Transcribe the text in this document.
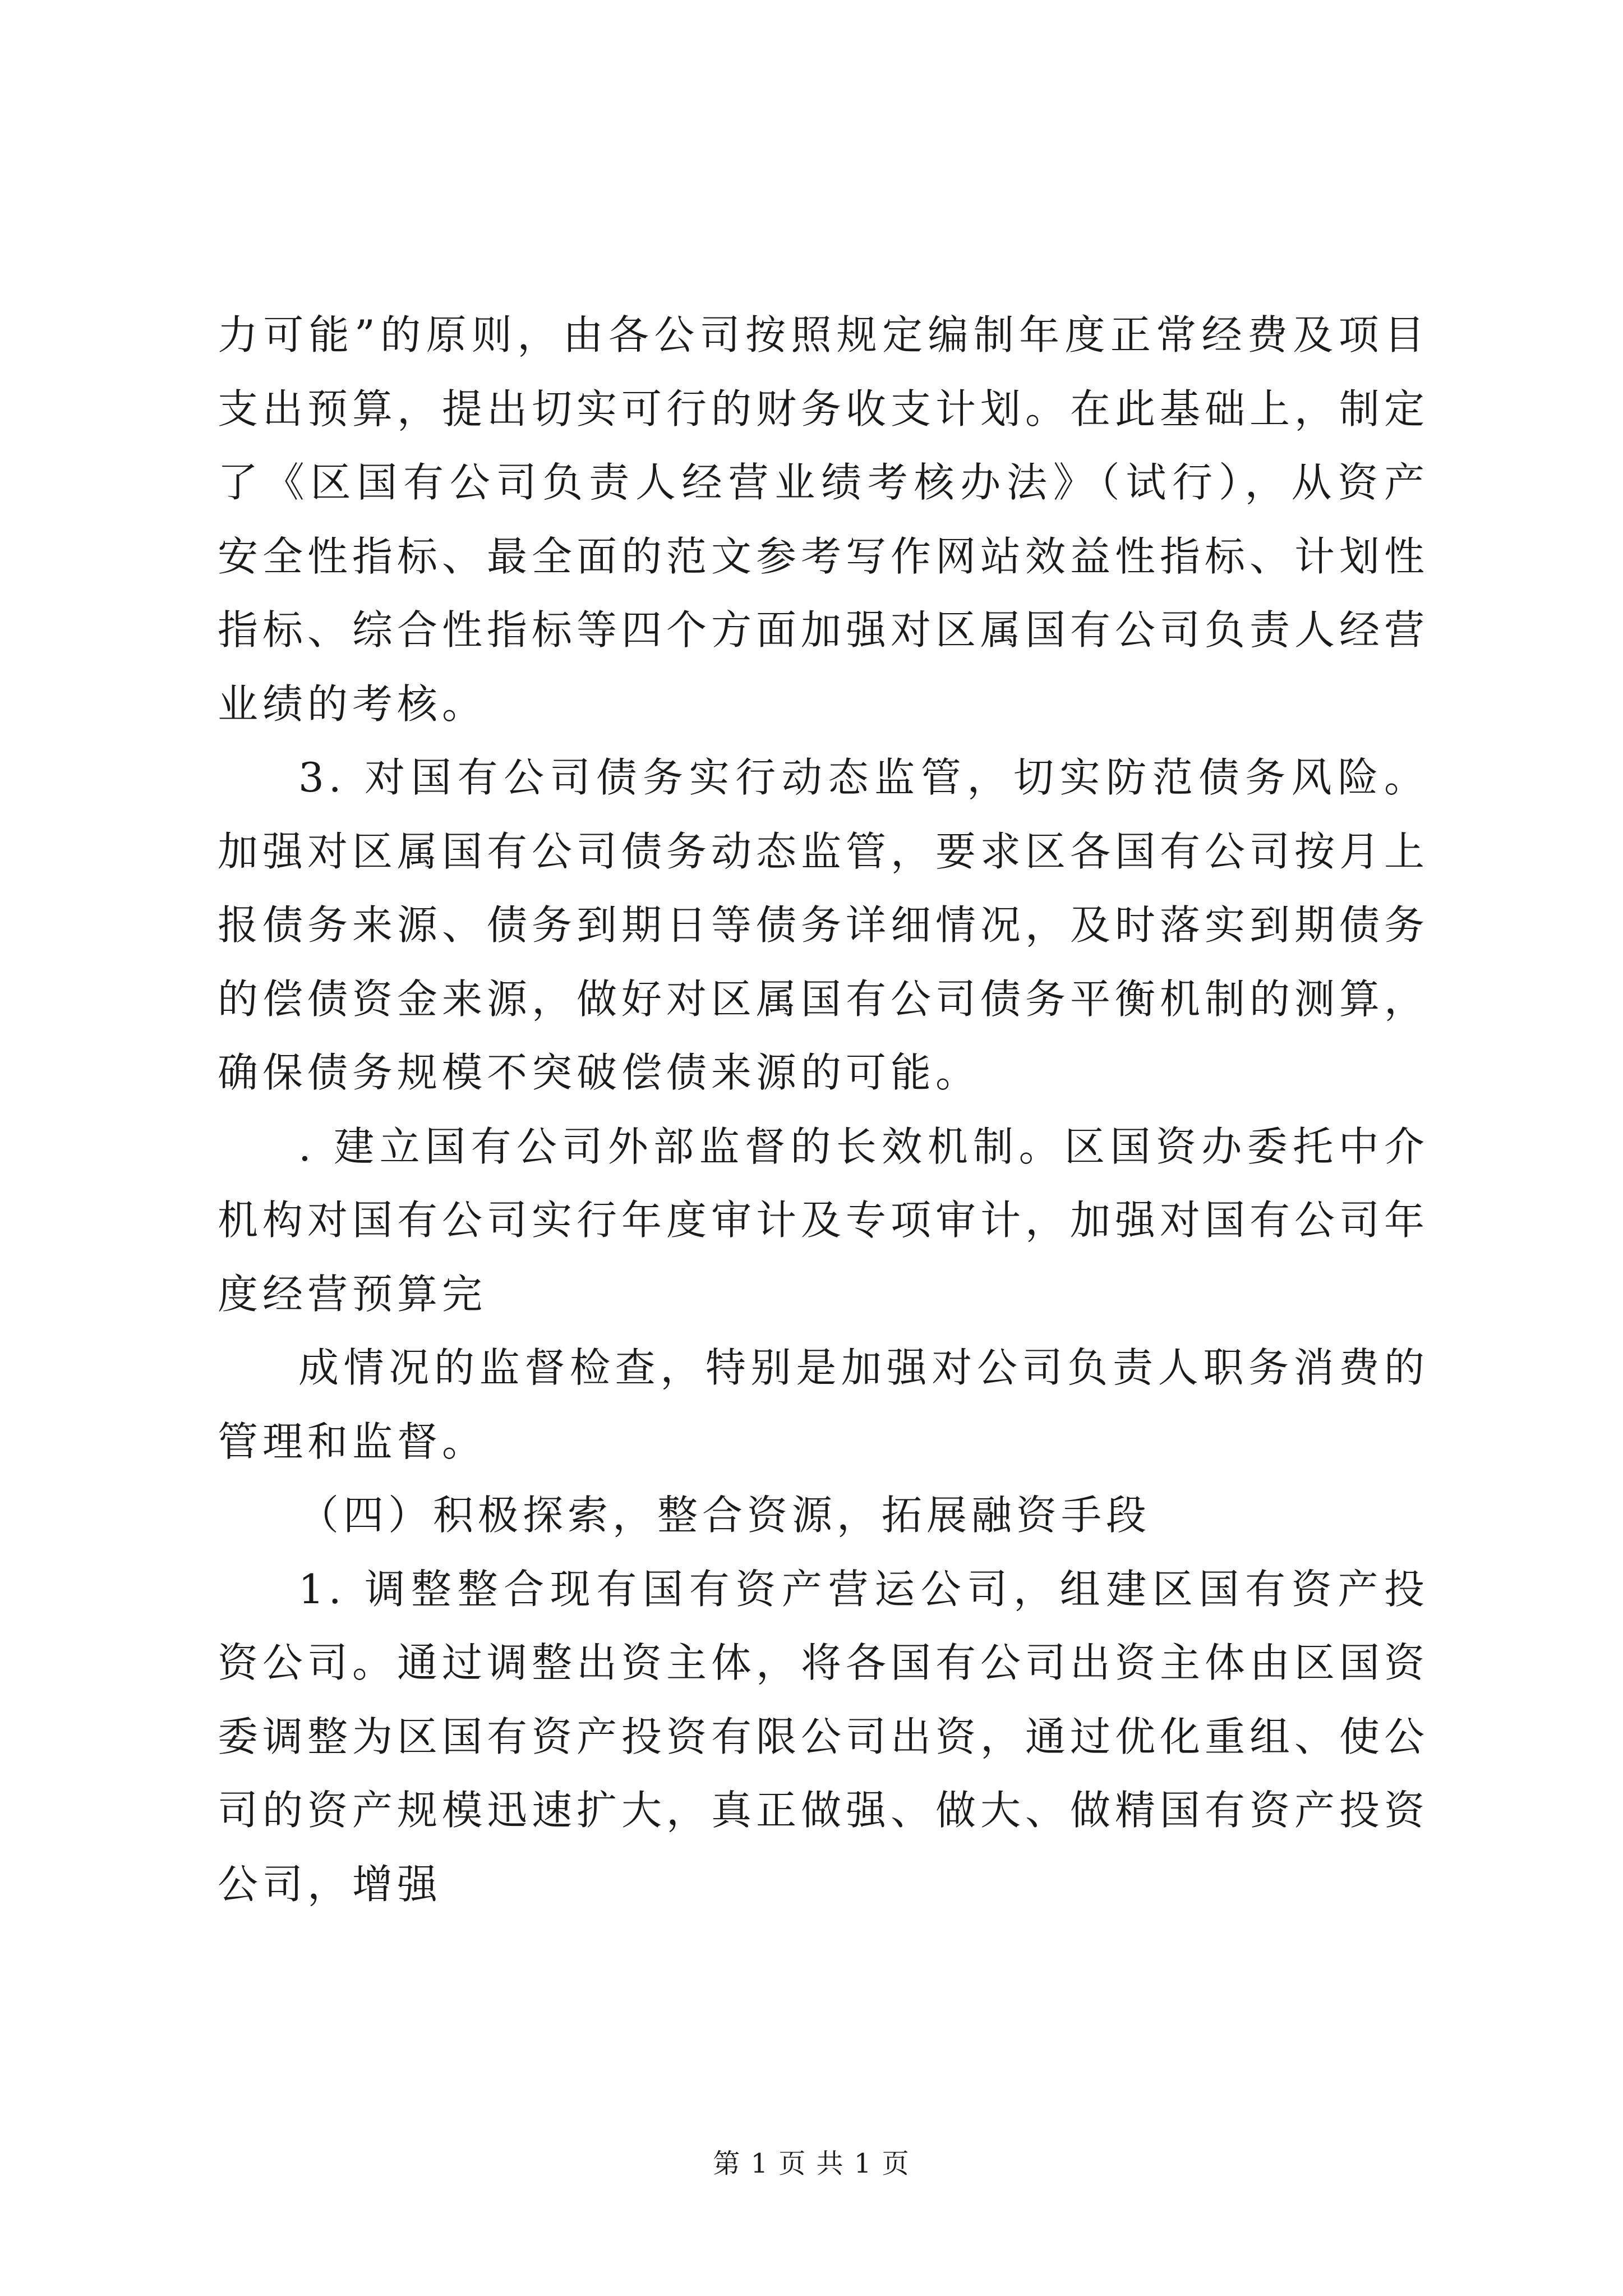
力可能”的原则，由各公司按照规定编制年度正常经费及项目支出预算，提出切实可行的财务收支计划。在此基础上，制定了《区国有公司负责人经营业绩考核办法》（试行），从资产安全性指标、最全面的范文参考写作网站效益性指标、计划性指标、综合性指标等四个方面加强对区属国有公司负责人经营业绩的考核。

3. 对国有公司债务实行动态监管，切实防范债务风险。加强对区属国有公司债务动态监管，要求区各国有公司按月上报债务来源、债务到期日等债务详细情况，及时落实到期债务的偿债资金来源，做好对区属国有公司债务平衡机制的测算，确保债务规模不突破偿债来源的可能。

. 建立国有公司外部监督的长效机制。区国资办委托中介机构对国有公司实行年度审计及专项审计，加强对国有公司年度经营预算完

成情况的监督检查，特别是加强对公司负责人职务消费的管理和监督。

（四）积极探索，整合资源，拓展融资手段

1. 调整整合现有国有资产营运公司，组建区国有资产投资公司。通过调整出资主体，将各国有公司出资主体由区国资委调整为区国有资产投资有限公司出资，通过优化重组、使公司的资产规模迅速扩大，真正做强、做大、做精国有资产投资公司，增强

第 1 页 共 1 页
